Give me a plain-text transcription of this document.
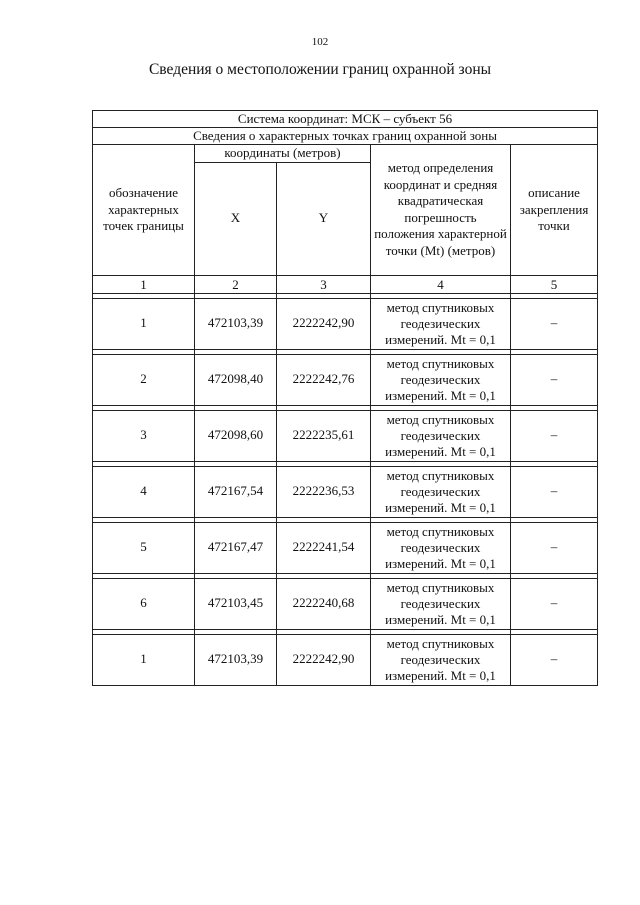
102
Сведения о местоположении границ охранной зоны
Система координат: МСК – субъект 56				
Сведения о характерных точках границ охранной зоны				
обозначение характерных точек границы	координаты (метров)		метод определения координат и средняя квадратическая погрешность положения характерной точки (Mt) (метров)	описание закрепления точки
	X	Y		
1	2	3	4	5

1	472103,39	2222242,90	метод спутниковых геодезических измерений. Mt = 0,1	–

2	472098,40	2222242,76	метод спутниковых геодезических измерений. Mt = 0,1	–

3	472098,60	2222235,61	метод спутниковых геодезических измерений. Mt = 0,1	–

4	472167,54	2222236,53	метод спутниковых геодезических измерений. Mt = 0,1	–

5	472167,47	2222241,54	метод спутниковых геодезических измерений. Mt = 0,1	–

6	472103,45	2222240,68	метод спутниковых геодезических измерений. Mt = 0,1	–

1	472103,39	2222242,90	метод спутниковых геодезических измерений. Mt = 0,1	–
